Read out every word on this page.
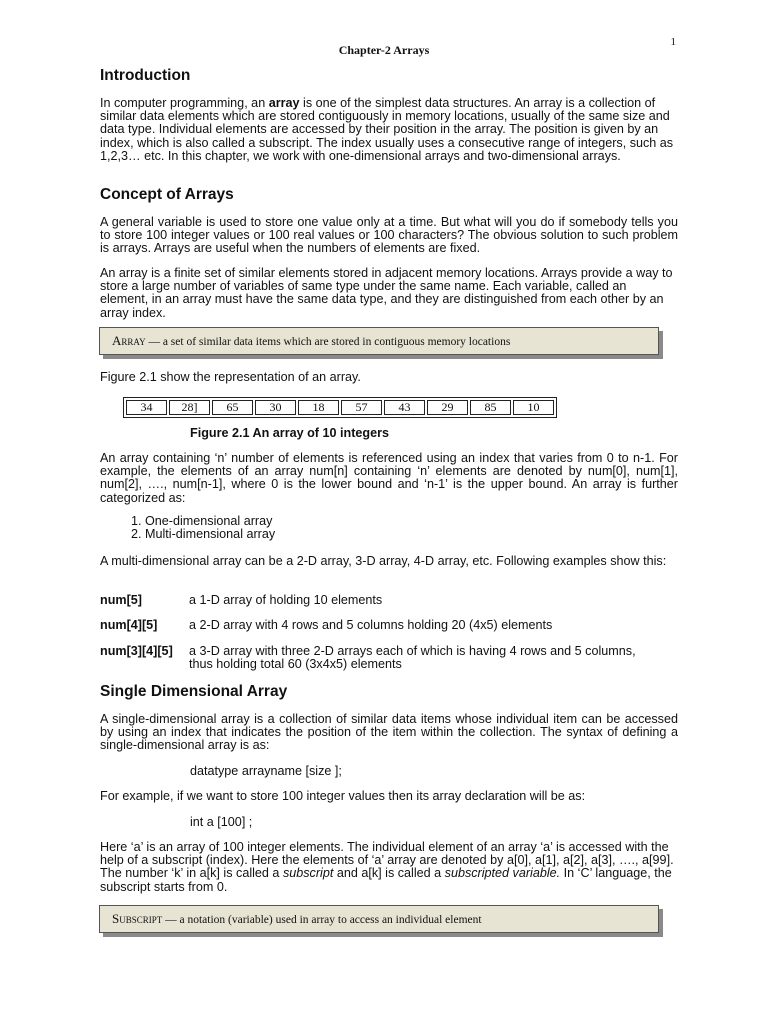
1
Chapter-2 Arrays
Introduction

In computer programming, an array is one of the simplest data structures. An array is a collection of similar data elements which are stored contiguously in memory locations, usually of the same size and data type. Individual elements are accessed by their position in the array. The position is given by an index, which is also called a subscript. The index usually uses a consecutive range of integers, such as 1,2,3… etc. In this chapter, we work with one-dimensional arrays and two-dimensional arrays.

Concept of Arrays

A general variable is used to store one value only at a time. But what will you do if somebody tells you to store 100 integer values or 100 real values or 100 characters? The obvious solution to such problem is arrays. Arrays are useful when the numbers of elements are fixed.

An array is a finite set of similar elements stored in adjacent memory locations. Arrays provide a way to store a large number of variables of same type under the same name. Each variable, called an element, in an array must have the same data type, and they are distinguished from each other by an array index.

Array — a set of similar data items which are stored in contiguous memory locations

Figure 2.1 show the representation of an array.

34	28]	65	30	18	57	43	29	85	10
Figure 2.1 An array of 10 integers

An array containing ‘n’ number of elements is referenced using an index that varies from 0 to n-1. For example, the elements of an array num[n] containing ‘n’ elements are denoted by num[0], num[1], num[2], …., num[n-1], where 0 is the lower bound and ‘n-1’ is the upper bound. An array is further categorized as:

1. One-dimensional array
2. Multi-dimensional array

A multi-dimensional array can be a 2-D array, 3-D array, 4-D array, etc. Following examples show this:

num[5]	a 1-D array of holding 10 elements
num[4][5]	a 2-D array with 4 rows and 5 columns holding 20 (4x5) elements
num[3][4][5] a 3-D array with three 2-D arrays each of which is having 4 rows and 5 columns, thus holding total 60 (3x4x5) elements
Single Dimensional Array

A single-dimensional array is a collection of similar data items whose individual item can be accessed by using an index that indicates the position of the item within the collection. The syntax of defining a single-dimensional array is as:

datatype arrayname [size ];

For example, if we want to store 100 integer values then its array declaration will be as:

int a [100] ;

Here ‘a’ is an array of 100 integer elements. The individual element of an array ‘a’ is accessed with the help of a subscript (index). Here the elements of ‘a’ array are denoted by a[0], a[1], a[2], a[3], …., a[99]. The number ‘k’ in a[k] is called a subscript and a[k] is called a subscripted variable. In ‘C’ language, the subscript starts from 0.

Subscript — a notation (variable) used in array to access an individual element
